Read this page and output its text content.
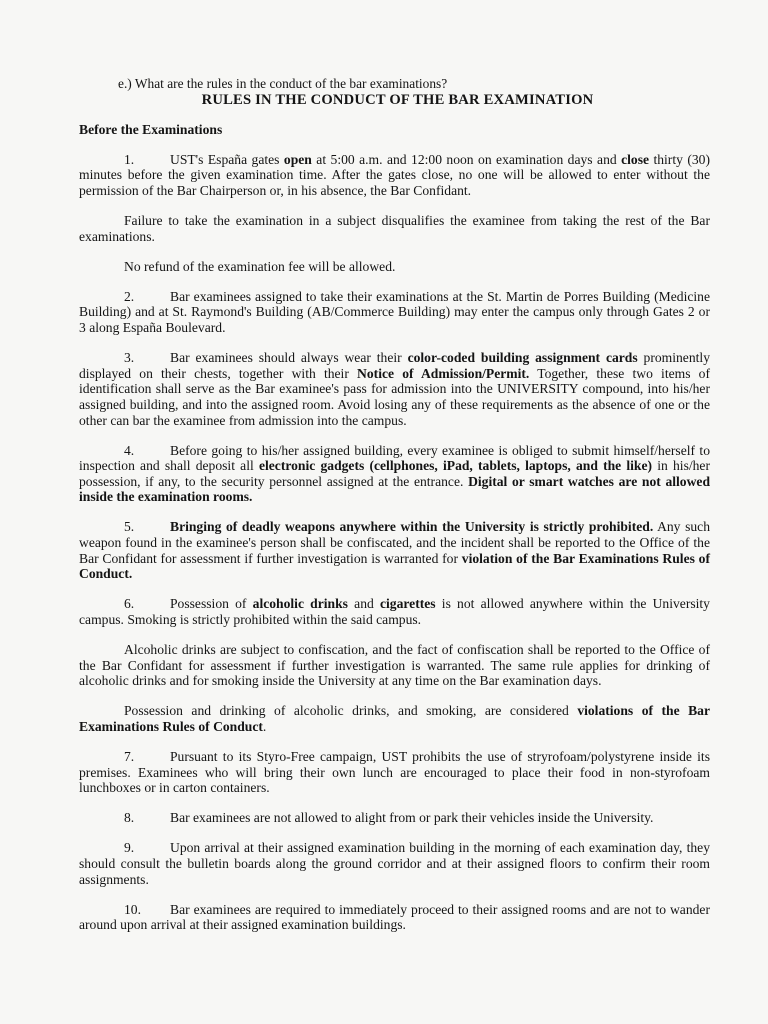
e.) What are the rules in the conduct of the bar examinations?
RULES IN THE CONDUCT OF THE BAR EXAMINATION
Before the Examinations

1.	UST's España gates open at 5:00 a.m. and 12:00 noon on examination days and close thirty (30) minutes before the given examination time. After the gates close, no one will be allowed to enter without the permission of the Bar Chairperson or, in his absence, the Bar Confidant.

Failure to take the examination in a subject disqualifies the examinee from taking the rest of the Bar examinations.

No refund of the examination fee will be allowed.

2.	Bar examinees assigned to take their examinations at the St. Martin de Porres Building (Medicine Building) and at St. Raymond's Building (AB/Commerce Building) may enter the campus only through Gates 2 or 3 along España Boulevard.

3.	Bar examinees should always wear their color-coded building assignment cards prominently displayed on their chests, together with their Notice of Admission/Permit. Together, these two items of identification shall serve as the Bar examinee's pass for admission into the UNIVERSITY compound, into his/her assigned building, and into the assigned room. Avoid losing any of these requirements as the absence of one or the other can bar the examinee from admission into the campus.

4.	Before going to his/her assigned building, every examinee is obliged to submit himself/herself to inspection and shall deposit all electronic gadgets (cellphones, iPad, tablets, laptops, and the like) in his/her possession, if any, to the security personnel assigned at the entrance. Digital or smart watches are not allowed inside the examination rooms.

5.	Bringing of deadly weapons anywhere within the University is strictly prohibited. Any such weapon found in the examinee's person shall be confiscated, and the incident shall be reported to the Office of the Bar Confidant for assessment if further investigation is warranted for violation of the Bar Examinations Rules of Conduct.

6.	Possession of alcoholic drinks and cigarettes is not allowed anywhere within the University campus. Smoking is strictly prohibited within the said campus.

Alcoholic drinks are subject to confiscation, and the fact of confiscation shall be reported to the Office of the Bar Confidant for assessment if further investigation is warranted. The same rule applies for drinking of alcoholic drinks and for smoking inside the University at any time on the Bar examination days.

Possession and drinking of alcoholic drinks, and smoking, are considered violations of the Bar Examinations Rules of Conduct.

7.	Pursuant to its Styro-Free campaign, UST prohibits the use of stryrofoam/polystyrene inside its premises. Examinees who will bring their own lunch are encouraged to place their food in non-styrofoam lunchboxes or in carton containers.

8.	Bar examinees are not allowed to alight from or park their vehicles inside the University.

9.	Upon arrival at their assigned examination building in the morning of each examination day, they should consult the bulletin boards along the ground corridor and at their assigned floors to confirm their room assignments.

10. Bar examinees are required to immediately proceed to their assigned rooms and are not to wander around upon arrival at their assigned examination buildings.
